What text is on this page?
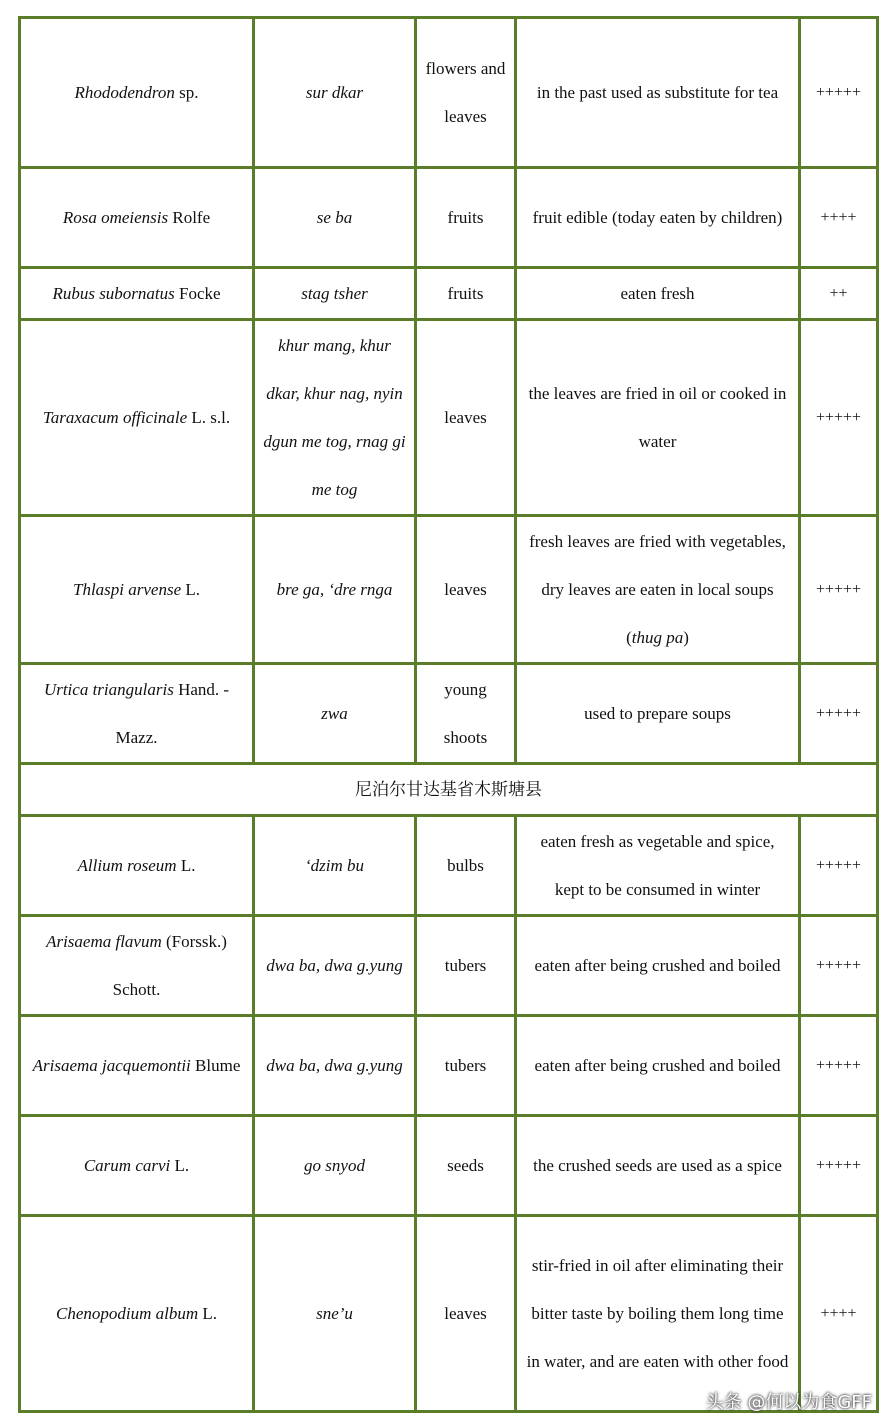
Rhododendron sp.	sur dkar	flowers and leaves	in the past used as substitute for tea	+++++
Rosa omeiensis Rolfe	se ba	fruits	fruit edible (today eaten by children)	++++
Rubus subornatus Focke	stag tsher	fruits	eaten fresh	++
Taraxacum officinale L. s.l.	khur mang, khur dkar, khur nag, nyin dgun me tog, rnag gi me tog	leaves	the leaves are fried in oil or cooked in water	+++++
Thlaspi arvense L.	bre ga, ‘dre rnga	leaves	fresh leaves are fried with vegetables, dry leaves are eaten in local soups (thug pa)	+++++
Urtica triangularis Hand. -Mazz.	zwa	young shoots	used to prepare soups	+++++
尼泊尔甘达基省木斯塘县				
Allium roseum L.	‘dzim bu	bulbs	eaten fresh as vegetable and spice, kept to be consumed in winter	+++++
Arisaema flavum (Forssk.) Schott.	dwa ba, dwa g.yung	tubers	eaten after being crushed and boiled	+++++
Arisaema jacquemontii Blume	dwa ba, dwa g.yung	tubers	eaten after being crushed and boiled	+++++
Carum carvi L.	go snyod	seeds	the crushed seeds are used as a spice	+++++
Chenopodium album L.	sne’u	leaves	stir-fried in oil after eliminating their bitter taste by boiling them long time in water, and are eaten with other food	++++
头条 @何以为食GFF
